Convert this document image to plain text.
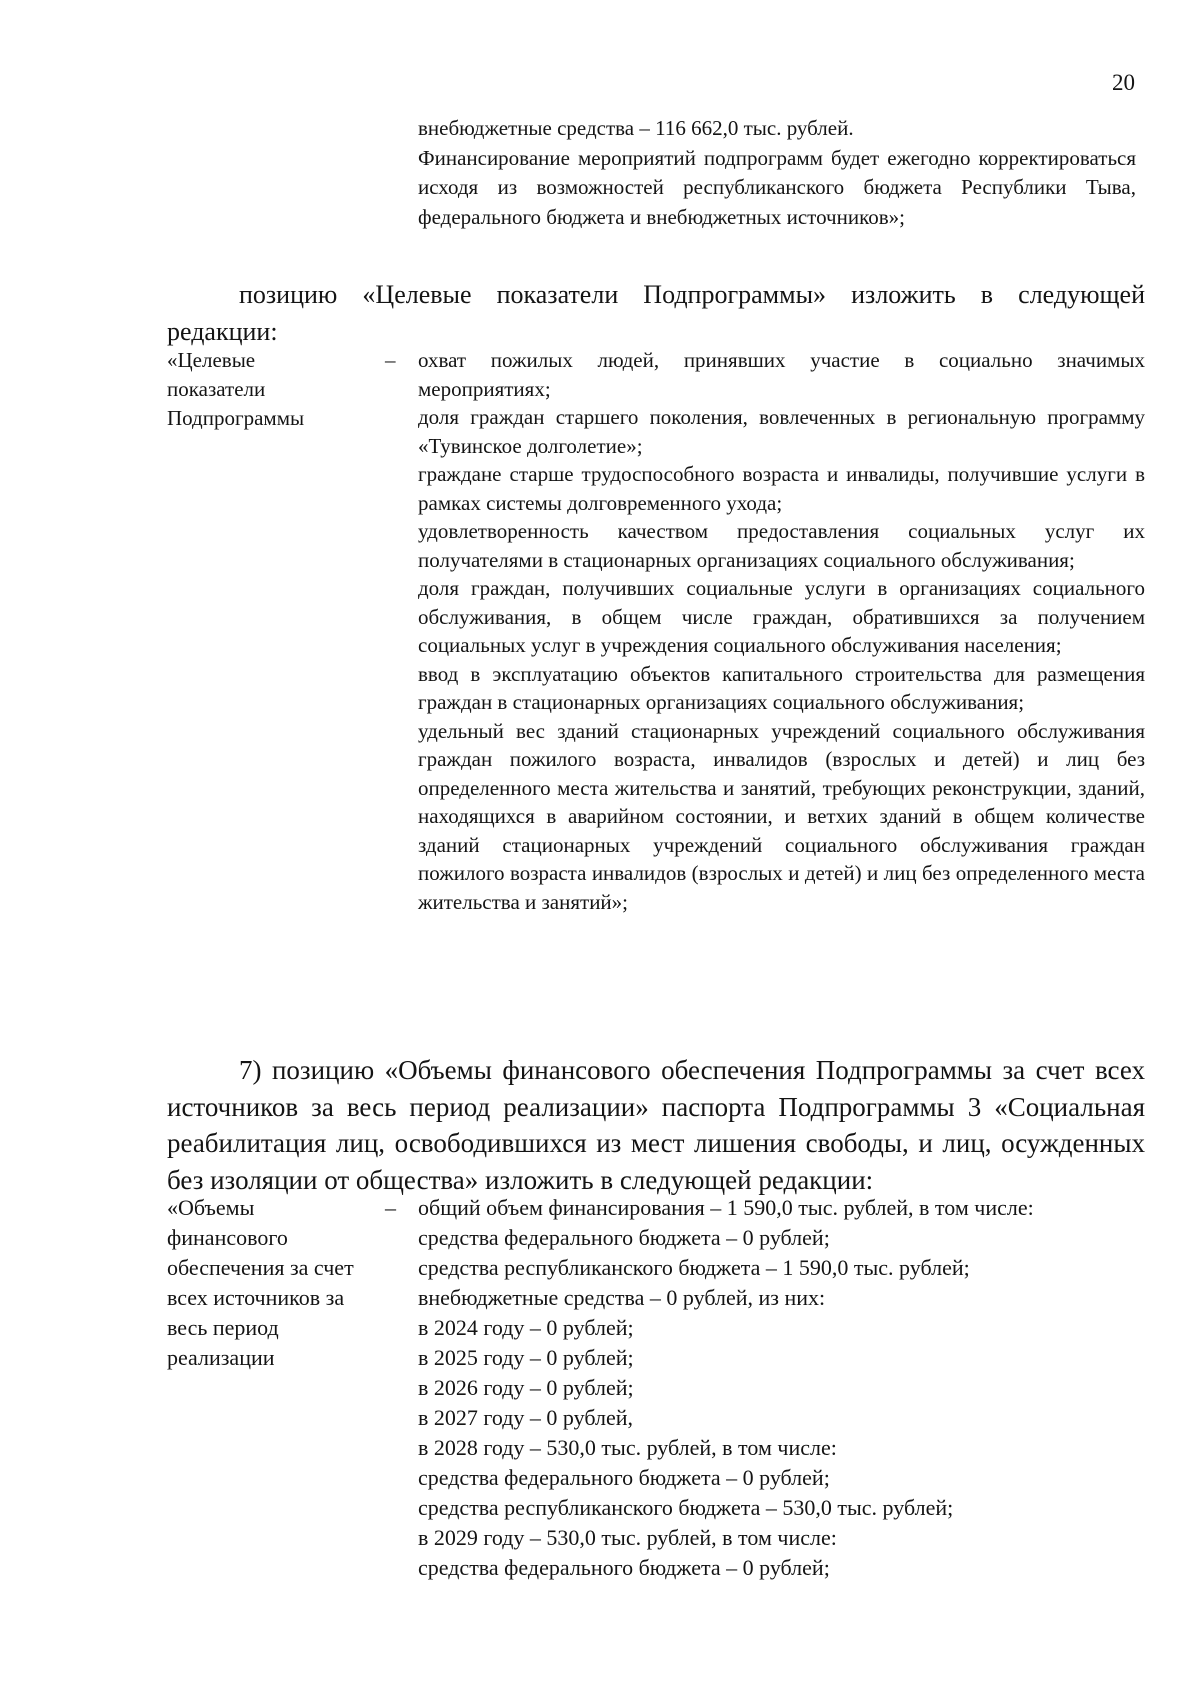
20

внебюджетные средства – 116 662,0 тыс. рублей.

Финансирование мероприятий подпрограмм будет ежегодно корректироваться исходя из возможностей республиканского бюджета Республики Тыва, федерального бюджета и внебюджетных источников»;

позицию «Целевые показатели Подпрограммы» изложить в следующей редакции:

«Целевые показатели Подпрограммы
– охват пожилых людей, принявших участие в социально значимых мероприятиях;

доля граждан старшего поколения, вовлеченных в региональную программу «Тувинское долголетие»;

граждане старше трудоспособного возраста и инвалиды, получившие услуги в рамках системы долговременного ухода;

удовлетворенность качеством предоставления социальных услуг их получателями в стационарных организациях социального обслуживания;

доля граждан, получивших социальные услуги в организациях социального обслуживания, в общем числе граждан, обратившихся за получением социальных услуг в учреждения социального обслуживания населения;

ввод в эксплуатацию объектов капитального строительства для размещения граждан в стационарных организациях социального обслуживания;

удельный вес зданий стационарных учреждений социального обслуживания граждан пожилого возраста, инвалидов (взрослых и детей) и лиц без определенного места жительства и занятий, требующих реконструкции, зданий, находящихся в аварийном состоянии, и ветхих зданий в общем количестве зданий стационарных учреждений социального обслуживания граждан пожилого возраста инвалидов (взрослых и детей) и лиц без определенного места жительства и занятий»;

7) позицию «Объемы финансового обеспечения Подпрограммы за счет всех источников за весь период реализации» паспорта Подпрограммы 3 «Социальная реабилитация лиц, освободившихся из мест лишения свободы, и лиц, осужденных без изоляции от общества» изложить в следующей редакции:

«Объемы финансового обеспечения за счет всех источников за весь период реализации
– общий объем финансирования – 1 590,0 тыс. рублей, в том числе:

средства федерального бюджета – 0 рублей;

средства республиканского бюджета – 1 590,0 тыс. рублей;

внебюджетные средства – 0 рублей, из них:

в 2024 году – 0 рублей;

в 2025 году – 0 рублей;

в 2026 году – 0 рублей;

в 2027 году – 0 рублей,

в 2028 году – 530,0 тыс. рублей, в том числе:

средства федерального бюджета – 0 рублей;

средства республиканского бюджета – 530,0 тыс. рублей;

в 2029 году – 530,0 тыс. рублей, в том числе:

средства федерального бюджета – 0 рублей;
